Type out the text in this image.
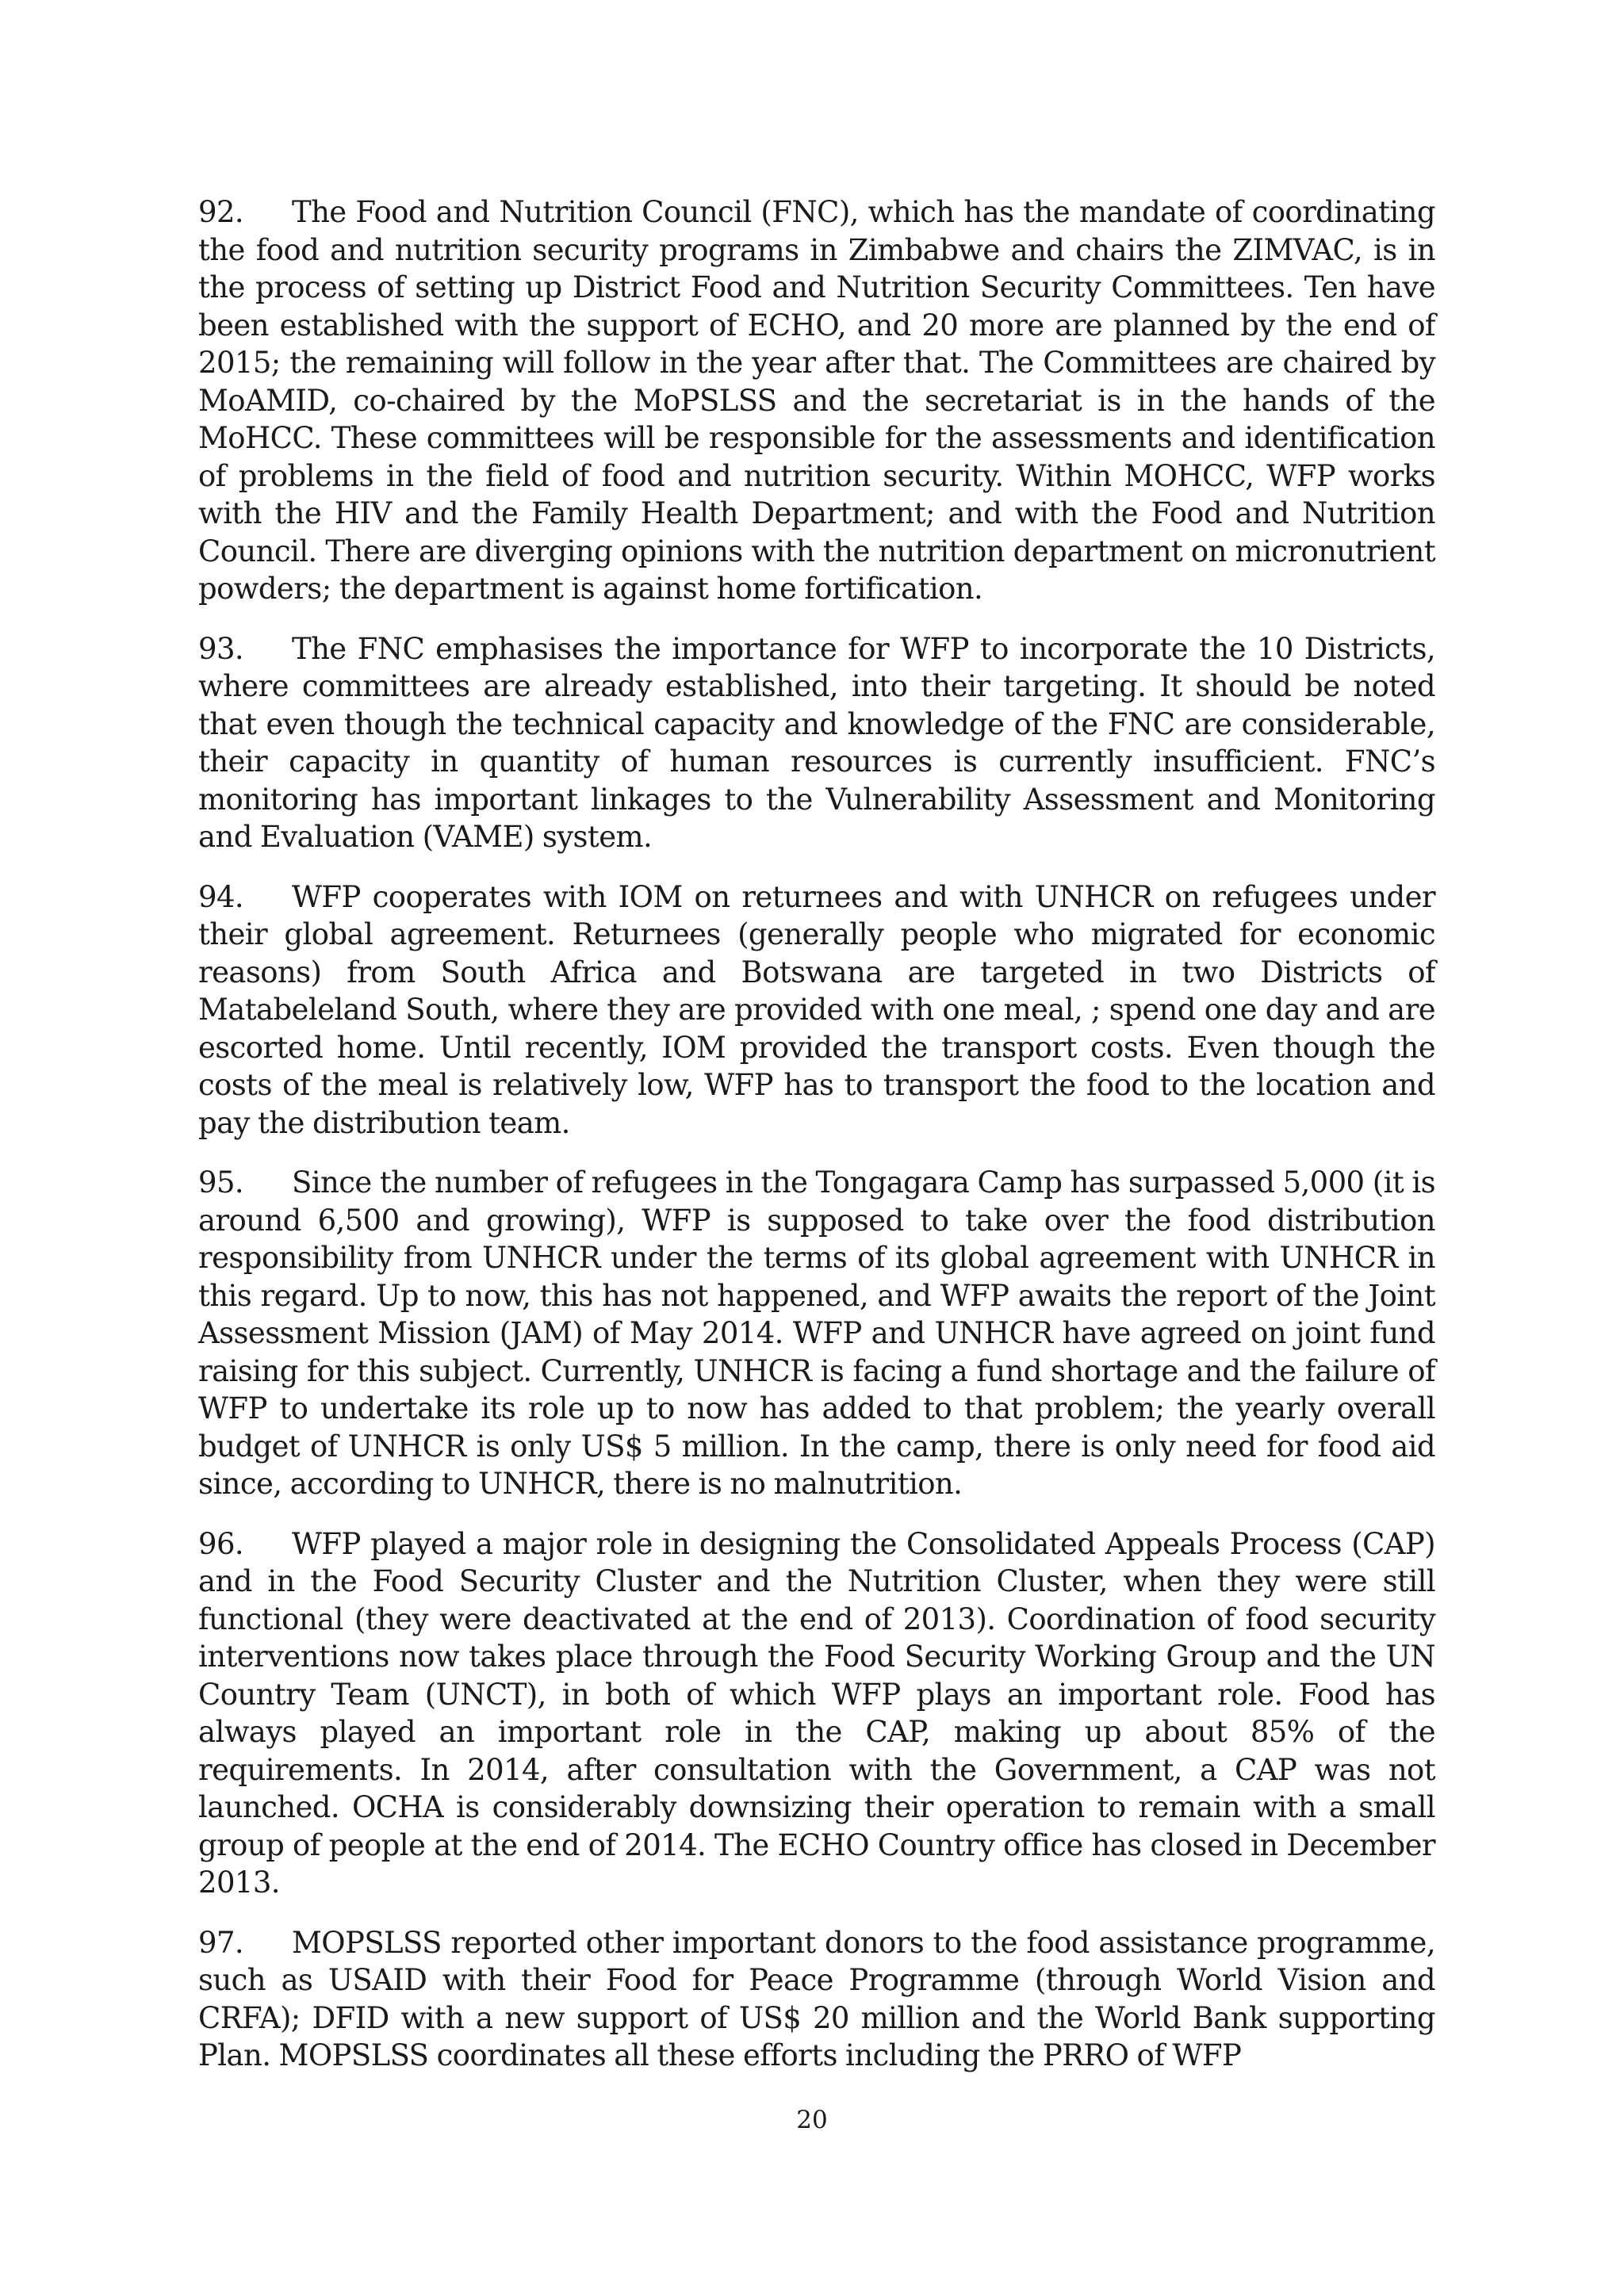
92. The Food and Nutrition Council (FNC), which has the mandate of coordinating the food and nutrition security programs in Zimbabwe and chairs the ZIMVAC, is in the process of setting up District Food and Nutrition Security Committees. Ten have been established with the support of ECHO, and 20 more are planned by the end of 2015; the remaining will follow in the year after that. The Committees are chaired by MoAMID, co-chaired by the MoPSLSS and the secretariat is in the hands of the MoHCC. These committees will be responsible for the assessments and identification of problems in the field of food and nutrition security. Within MOHCC, WFP works with the HIV and the Family Health Department; and with the Food and Nutrition Council. There are diverging opinions with the nutrition department on micronutrient powders; the department is against home fortification.

93. The FNC emphasises the importance for WFP to incorporate the 10 Districts, where committees are already established, into their targeting. It should be noted that even though the technical capacity and knowledge of the FNC are considerable, their capacity in quantity of human resources is currently insufficient. FNC’s monitoring has important linkages to the Vulnerability Assessment and Monitoring and Evaluation (VAME) system.

94. WFP cooperates with IOM on returnees and with UNHCR on refugees under their global agreement. Returnees (generally people who migrated for economic reasons) from South Africa and Botswana are targeted in two Districts of Matabeleland South, where they are provided with one meal, ; spend one day and are escorted home. Until recently, IOM provided the transport costs. Even though the costs of the meal is relatively low, WFP has to transport the food to the location and pay the distribution team.

95. Since the number of refugees in the Tongagara Camp has surpassed 5,000 (it is around 6,500 and growing), WFP is supposed to take over the food distribution responsibility from UNHCR under the terms of its global agreement with UNHCR in this regard. Up to now, this has not happened, and WFP awaits the report of the Joint Assessment Mission (JAM) of May 2014. WFP and UNHCR have agreed on joint fund raising for this subject. Currently, UNHCR is facing a fund shortage and the failure of WFP to undertake its role up to now has added to that problem; the yearly overall budget of UNHCR is only US$ 5 million. In the camp, there is only need for food aid since, according to UNHCR, there is no malnutrition.

96. WFP played a major role in designing the Consolidated Appeals Process (CAP) and in the Food Security Cluster and the Nutrition Cluster, when they were still functional (they were deactivated at the end of 2013). Coordination of food security interventions now takes place through the Food Security Working Group and the UN Country Team (UNCT), in both of which WFP plays an important role. Food has always played an important role in the CAP, making up about 85% of the requirements. In 2014, after consultation with the Government, a CAP was not launched. OCHA is considerably downsizing their operation to remain with a small group of people at the end of 2014. The ECHO Country office has closed in December 2013.

97. MOPSLSS reported other important donors to the food assistance programme, such as USAID with their Food for Peace Programme (through World Vision and CRFA); DFID with a new support of US$ 20 million and the World Bank supporting Plan. MOPSLSS coordinates all these efforts including the PRRO of WFP

20
